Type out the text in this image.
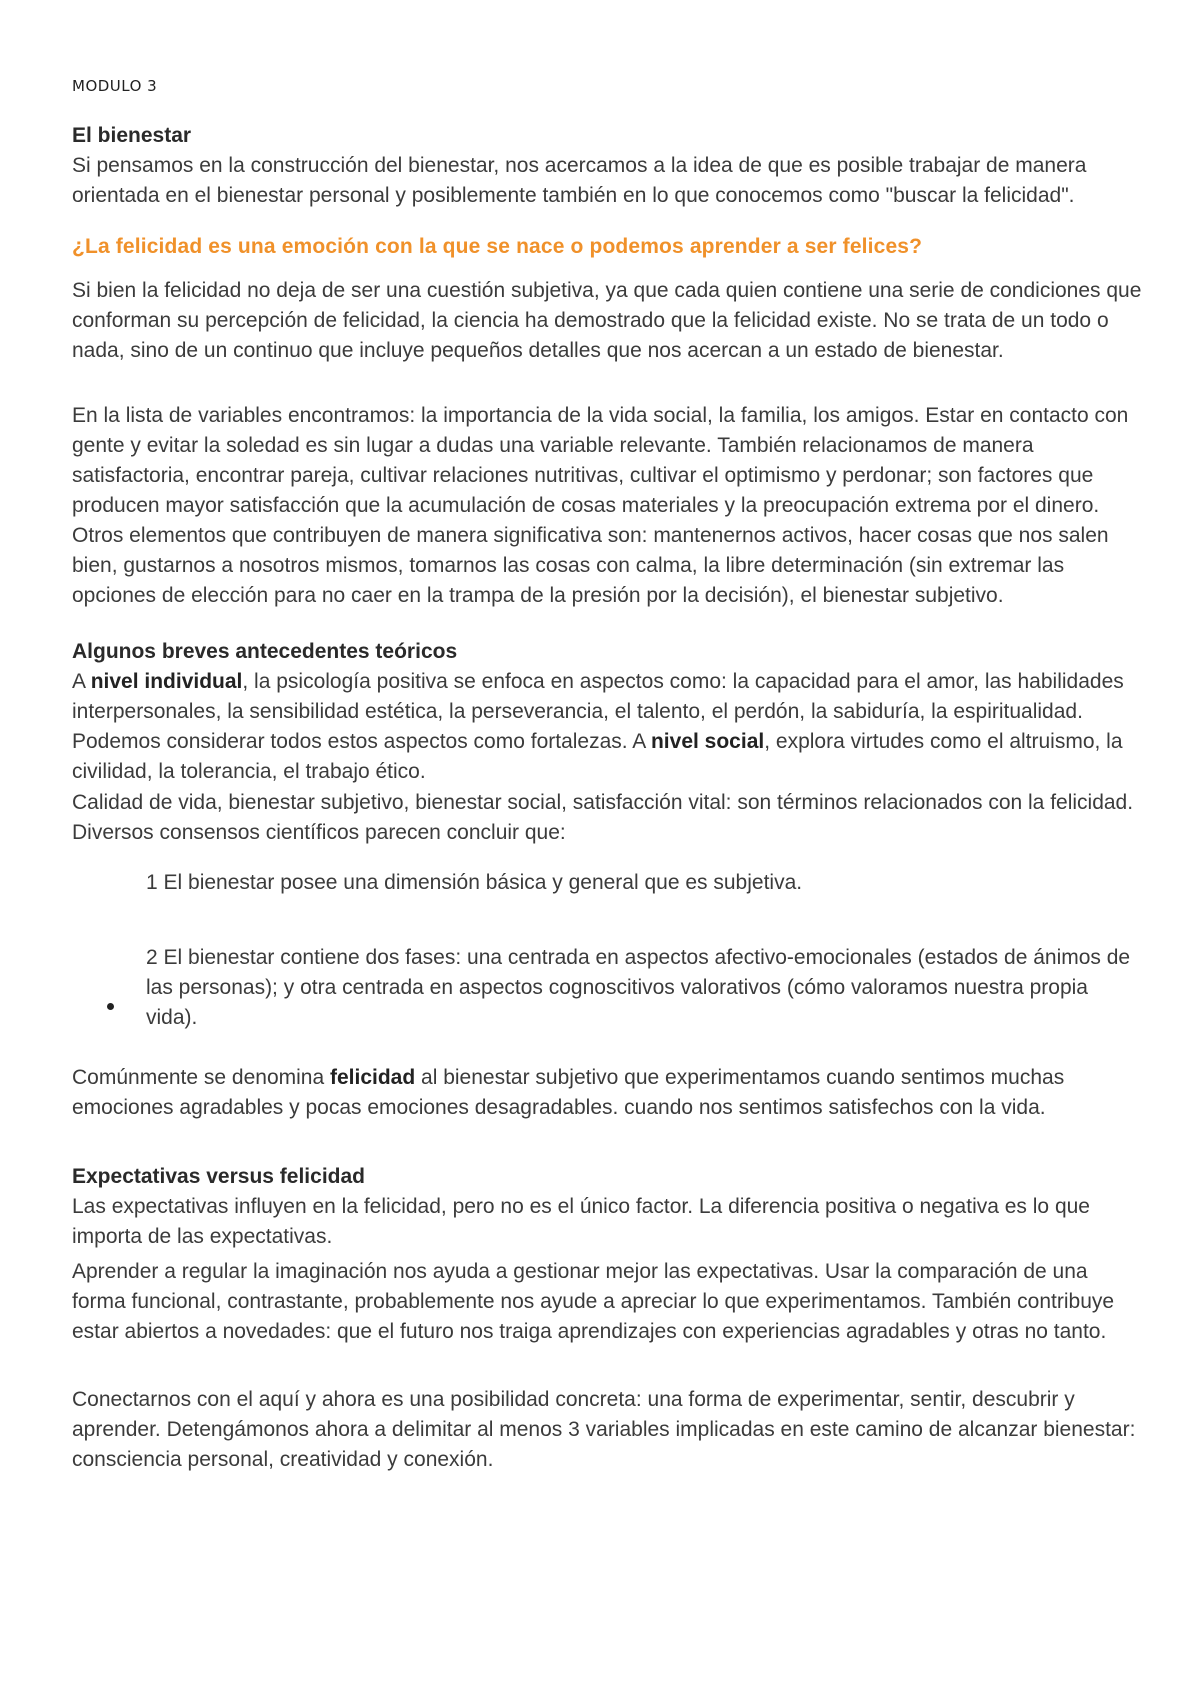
MODULO 3

El bienestar

Si pensamos en la construcción del bienestar, nos acercamos a la idea de que es posible trabajar de manera orientada en el bienestar personal y posiblemente también en lo que conocemos como "buscar la felicidad".

¿La felicidad es una emoción con la que se nace o podemos aprender a ser felices?

Si bien la felicidad no deja de ser una cuestión subjetiva, ya que cada quien contiene una serie de condiciones que conforman su percepción de felicidad, la ciencia ha demostrado que la felicidad existe. No se trata de un todo o nada, sino de un continuo que incluye pequeños detalles que nos acercan a un estado de bienestar.

En la lista de variables encontramos: la importancia de la vida social, la familia, los amigos. Estar en contacto con gente y evitar la soledad es sin lugar a dudas una variable relevante. También relacionamos de manera satisfactoria, encontrar pareja, cultivar relaciones nutritivas, cultivar el optimismo y perdonar; son factores que producen mayor satisfacción que la acumulación de cosas materiales y la preocupación extrema por el dinero. Otros elementos que contribuyen de manera significativa son: mantenernos activos, hacer cosas que nos salen bien, gustarnos a nosotros mismos, tomarnos las cosas con calma, la libre determinación (sin extremar las opciones de elección para no caer en la trampa de la presión por la decisión), el bienestar subjetivo.

Algunos breves antecedentes teóricos

A nivel individual, la psicología positiva se enfoca en aspectos como: la capacidad para el amor, las habilidades interpersonales, la sensibilidad estética, la perseverancia, el talento, el perdón, la sabiduría, la espiritualidad. Podemos considerar todos estos aspectos como fortalezas. A nivel social, explora virtudes como el altruismo, la civilidad, la tolerancia, el trabajo ético.

Calidad de vida, bienestar subjetivo, bienestar social, satisfacción vital: son términos relacionados con la felicidad. Diversos consensos científicos parecen concluir que:

1 El bienestar posee una dimensión básica y general que es subjetiva.

2 El bienestar contiene dos fases: una centrada en aspectos afectivo-emocionales (estados de ánimos de las personas); y otra centrada en aspectos cognoscitivos valorativos (cómo valoramos nuestra propia vida).

Comúnmente se denomina felicidad al bienestar subjetivo que experimentamos cuando sentimos muchas emociones agradables y pocas emociones desagradables. cuando nos sentimos satisfechos con la vida.

Expectativas versus felicidad

Las expectativas influyen en la felicidad, pero no es el único factor. La diferencia positiva o negativa es lo que importa de las expectativas.

Aprender a regular la imaginación nos ayuda a gestionar mejor las expectativas. Usar la comparación de una forma funcional, contrastante, probablemente nos ayude a apreciar lo que experimentamos. También contribuye estar abiertos a novedades: que el futuro nos traiga aprendizajes con experiencias agradables y otras no tanto.

Conectarnos con el aquí y ahora es una posibilidad concreta: una forma de experimentar, sentir, descubrir y aprender. Detengámonos ahora a delimitar al menos 3 variables implicadas en este camino de alcanzar bienestar: consciencia personal, creatividad y conexión.
